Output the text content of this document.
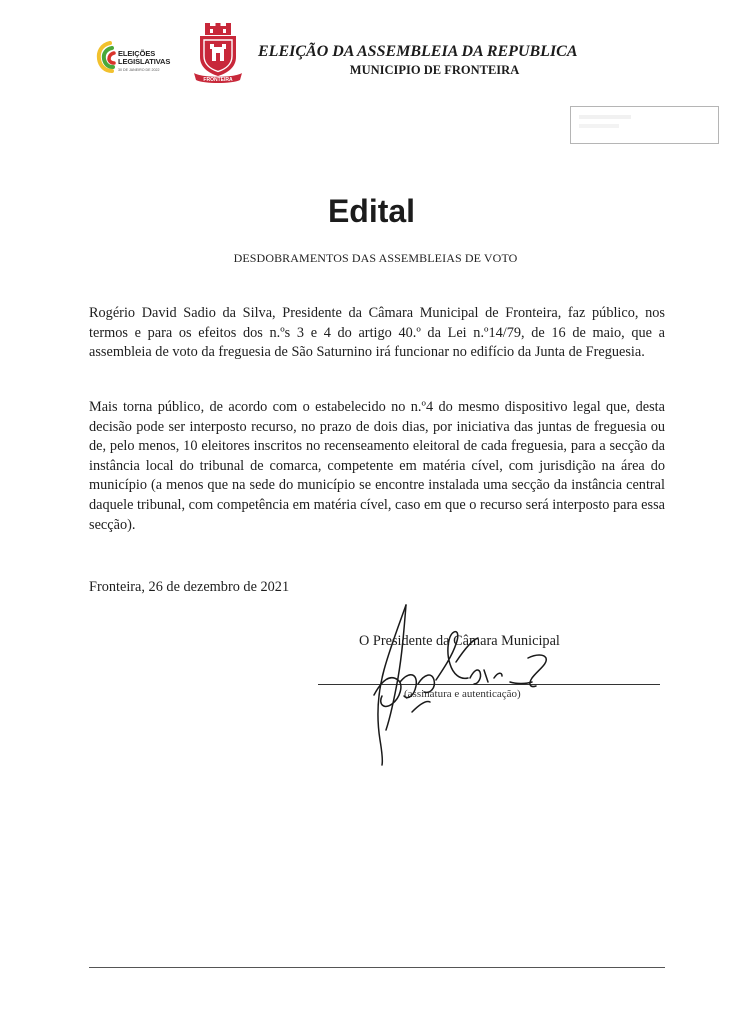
ELEIÇÕES
LEGISLATIVAS
30 DE JANEIRO DE 2022
FRONTEIRA
ELEIÇÃO DA ASSEMBLEIA DA REPUBLICA
MUNICIPIO DE FRONTEIRA
Edital
DESDOBRAMENTOS DAS ASSEMBLEIAS DE VOTO

Rogério David Sadio da Silva, Presidente da Câmara Municipal de Fronteira, faz público, nos termos e para os efeitos dos n.ºs 3 e 4 do artigo 40.º da Lei n.º14/79, de 16 de maio, que a assembleia de voto da freguesia de São Saturnino irá funcionar no edifício da Junta de Freguesia.

Mais torna público, de acordo com o estabelecido no n.º4 do mesmo dispositivo legal que, desta decisão pode ser interposto recurso, no prazo de dois dias, por iniciativa das juntas de freguesia ou de, pelo menos, 10 eleitores inscritos no recenseamento eleitoral de cada freguesia, para a secção da instância local do tribunal de comarca, competente em matéria cível, com jurisdição na área do município (a menos que na sede do município se encontre instalada uma secção da instância central daquele tribunal, com competência em matéria cível, caso em que o recurso será interposto para essa secção).

Fronteira, 26 de dezembro de 2021
O Presidente da Câmara Municipal
(assinatura e autenticação)
